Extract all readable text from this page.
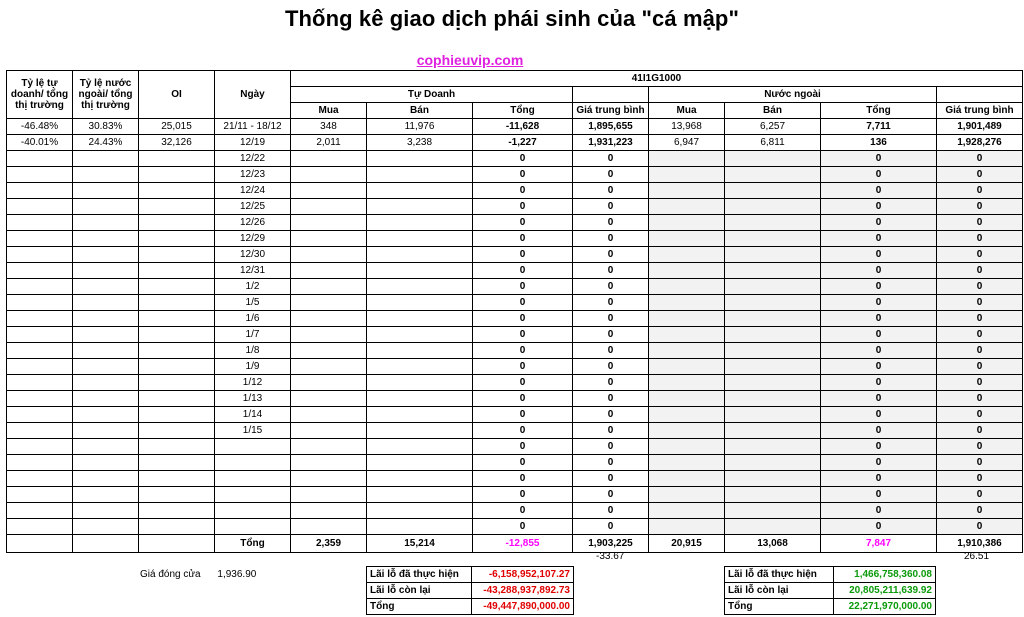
Thống kê giao dịch phái sinh của "cá mập"
cophieuvip.com
Tỷ lệ tự doanh/ tổng thị trường	Tỷ lệ nước ngoài/ tổng thị trường	OI	Ngày	41I1G1000							
				Tự Doanh				Nước ngoài			
				Mua	Bán	Tổng	Giá trung bình	Mua	Bán	Tổng	Giá trung bình
-46.48%	30.83%	25,015	21/11 - 18/12	348	11,976	-11,628	1,895,655	13,968	6,257	7,711	1,901,489
-40.01%	24.43%	32,126	12/19	2,011	3,238	-1,227	1,931,223	6,947	6,811	136	1,928,276
			12/22			0	0			0	0
			12/23			0	0			0	0
			12/24			0	0			0	0
			12/25			0	0			0	0
			12/26			0	0			0	0
			12/29			0	0			0	0
			12/30			0	0			0	0
			12/31			0	0			0	0
			1/2			0	0			0	0
			1/5			0	0			0	0
			1/6			0	0			0	0
			1/7			0	0			0	0
			1/8			0	0			0	0
			1/9			0	0			0	0
			1/12			0	0			0	0
			1/13			0	0			0	0
			1/14			0	0			0	0
			1/15			0	0			0	0
						0	0			0	0
						0	0			0	0
						0	0			0	0
						0	0			0	0
						0	0			0	0
						0	0			0	0
			Tổng	2,359	15,214	-12,855	1,903,225	20,915	13,068	7,847	1,910,386
-33.67	26.51
Giá đóng cửa 1,936.90	Lãi lỗ đã thực hiện	-6,158,952,107.27
Lãi lỗ còn lại	-43,288,937,892.73
Tổng	-49,447,890,000.00
Lãi lỗ đã thực hiện	1,466,758,360.08
Lãi lỗ còn lại	20,805,211,639.92
Tổng	22,271,970,000.00
